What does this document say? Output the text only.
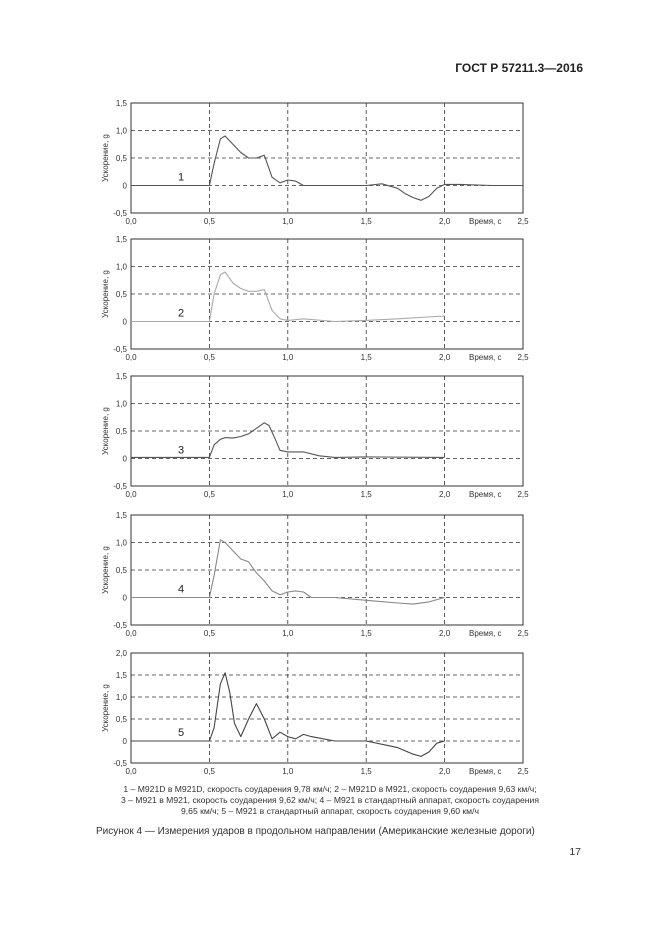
ГОСТ Р 57211.3—2016
-0,5
0
0,5
1,0
1,5
0,0	0,5	1,0	1,5	2,0	2,5
Время, c
Ускорение, g	1
-0,5
0
0,5
1,0
1,5
0,0	0,5	1,0	1,5	2,0	2,5
Время, c
Ускорение, g	2
-0,5
0
0,5
1,0
1,5
0,0	0,5	1,0	1,5	2,0	2,5
Время, c
Ускорение, g	3
-0,5
0
0,5
1,0
1,5
0,0	0,5	1,0	1,5	2,0	2,5
Время, c
Ускорение, g	4
-0,5
0
0,5
1,0
1,5
2,0
0,0	0,5	1,0	1,5	2,0	2,5
Время, c
Ускорение, g
5
1 – M921D в M921D, скорость соударения 9,78 км/ч; 2 – M921D в M921, скорость соударения 9,63 км/ч; 3 – M921 в M921, скорость соударения 9,62 км/ч; 4 – M921 в стандартный аппарат, скорость соударения 9,65 км/ч; 5 – M921 в стандартный аппарат, скорость соударения 9,60 км/ч
Рисунок 4 — Измерения ударов в продольном направлении (Американские железные дороги)
17
